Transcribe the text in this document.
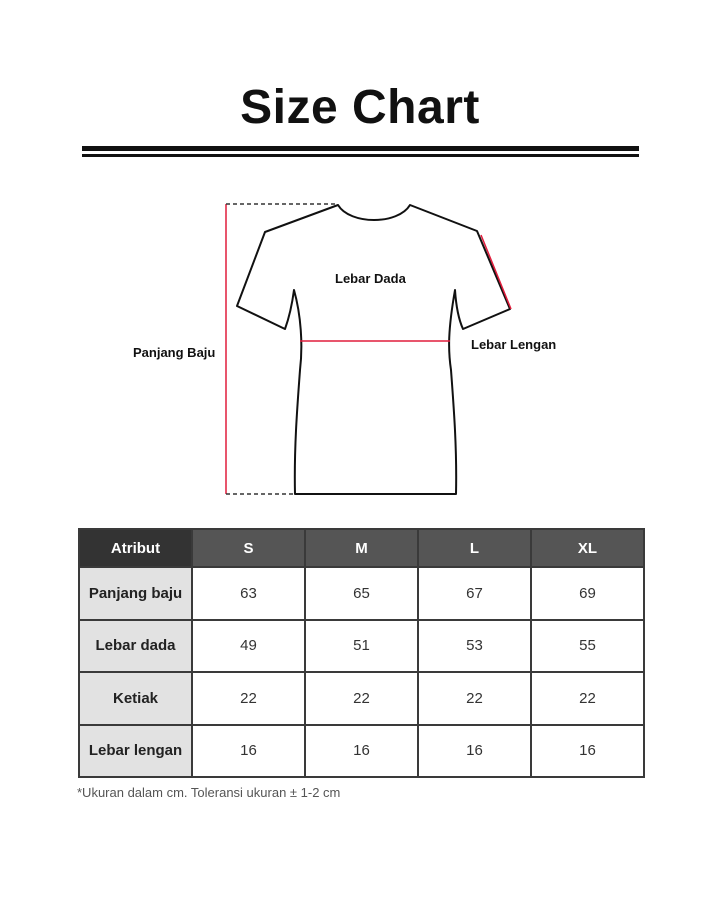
Size Chart
Lebar Dada
Panjang Baju
Lebar Lengan
Atribut	S	M	L	XL
Panjang baju	63	65	67	69
Lebar dada	49	51	53	55
Ketiak	22	22	22	22
Lebar lengan	16	16	16	16
*Ukuran dalam cm. Toleransi ukuran ± 1-2 cm
